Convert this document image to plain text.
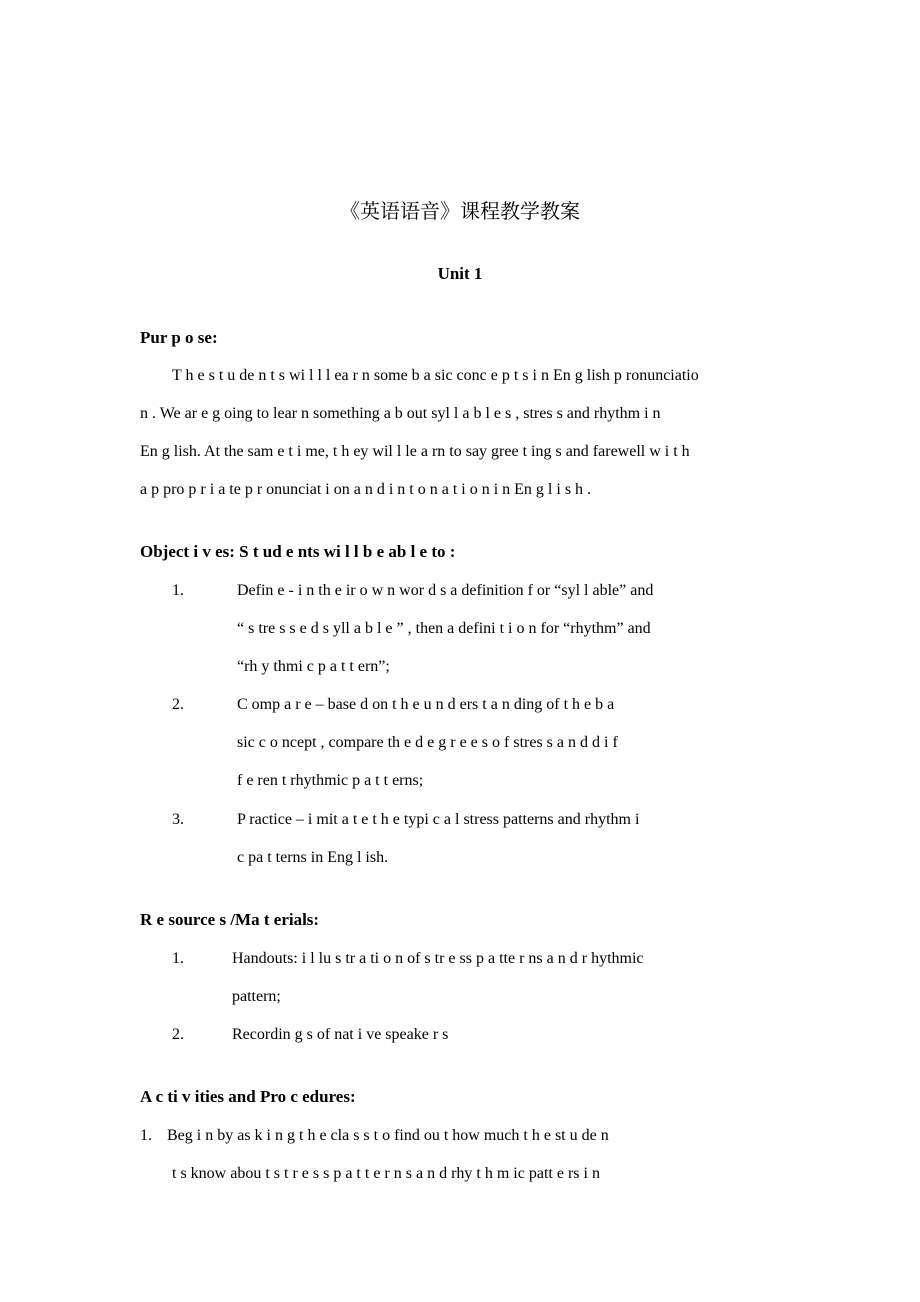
《英语语音》课程教学教案
Unit 1
Pur p o se:
T h e s t u de n t s wi l l l ea r n some b a sic conc e p t s i n En g lish p ronunciatio
n . We ar e g oing to lear n something a b out syl l a b l e s , stres s and rhythm i n
En g lish. At the sam e t i me, t h ey wil l le a rn to say gree t ing s and farewell w i t h
a p pro p r i a te p r onunciat i on a n d i n t o n a t i o n i n En g l i s h .
Object i v es: S t ud e nts wi l l b e ab l e to :
1.	Defin e - i n th e ir o w n wor d s a definition f or “syl l able” and
“ s tre s s e d s yll a b l e ” , then a defini t i o n for “rhythm” and
“rh y thmi c p a t t ern”;
2.	C omp a r e – base d on t h e u n d ers t a n ding of t h e b a
sic c o ncept , compare th e d e g r e e s o f stres s a n d d i f
f e ren t rhythmic p a t t erns;
3.	P ractice – i mit a t e t h e typi c a l stress patterns and rhythm i
c pa t terns in Eng l ish.
R e source s /Ma t erials:
1.	Handouts: i l lu s tr a ti o n of s tr e ss p a tte r ns a n d r hythmic
pattern;
2.	Recordin g s of nat i ve speake r s
A c ti v ities and Pro c edures:
1. Beg i n by as k i n g t h e cla s s t o find ou t how much t h e st u de n
t s know abou t s t r e s s p a t t e r n s a n d rhy t h m ic patt e rs i n
